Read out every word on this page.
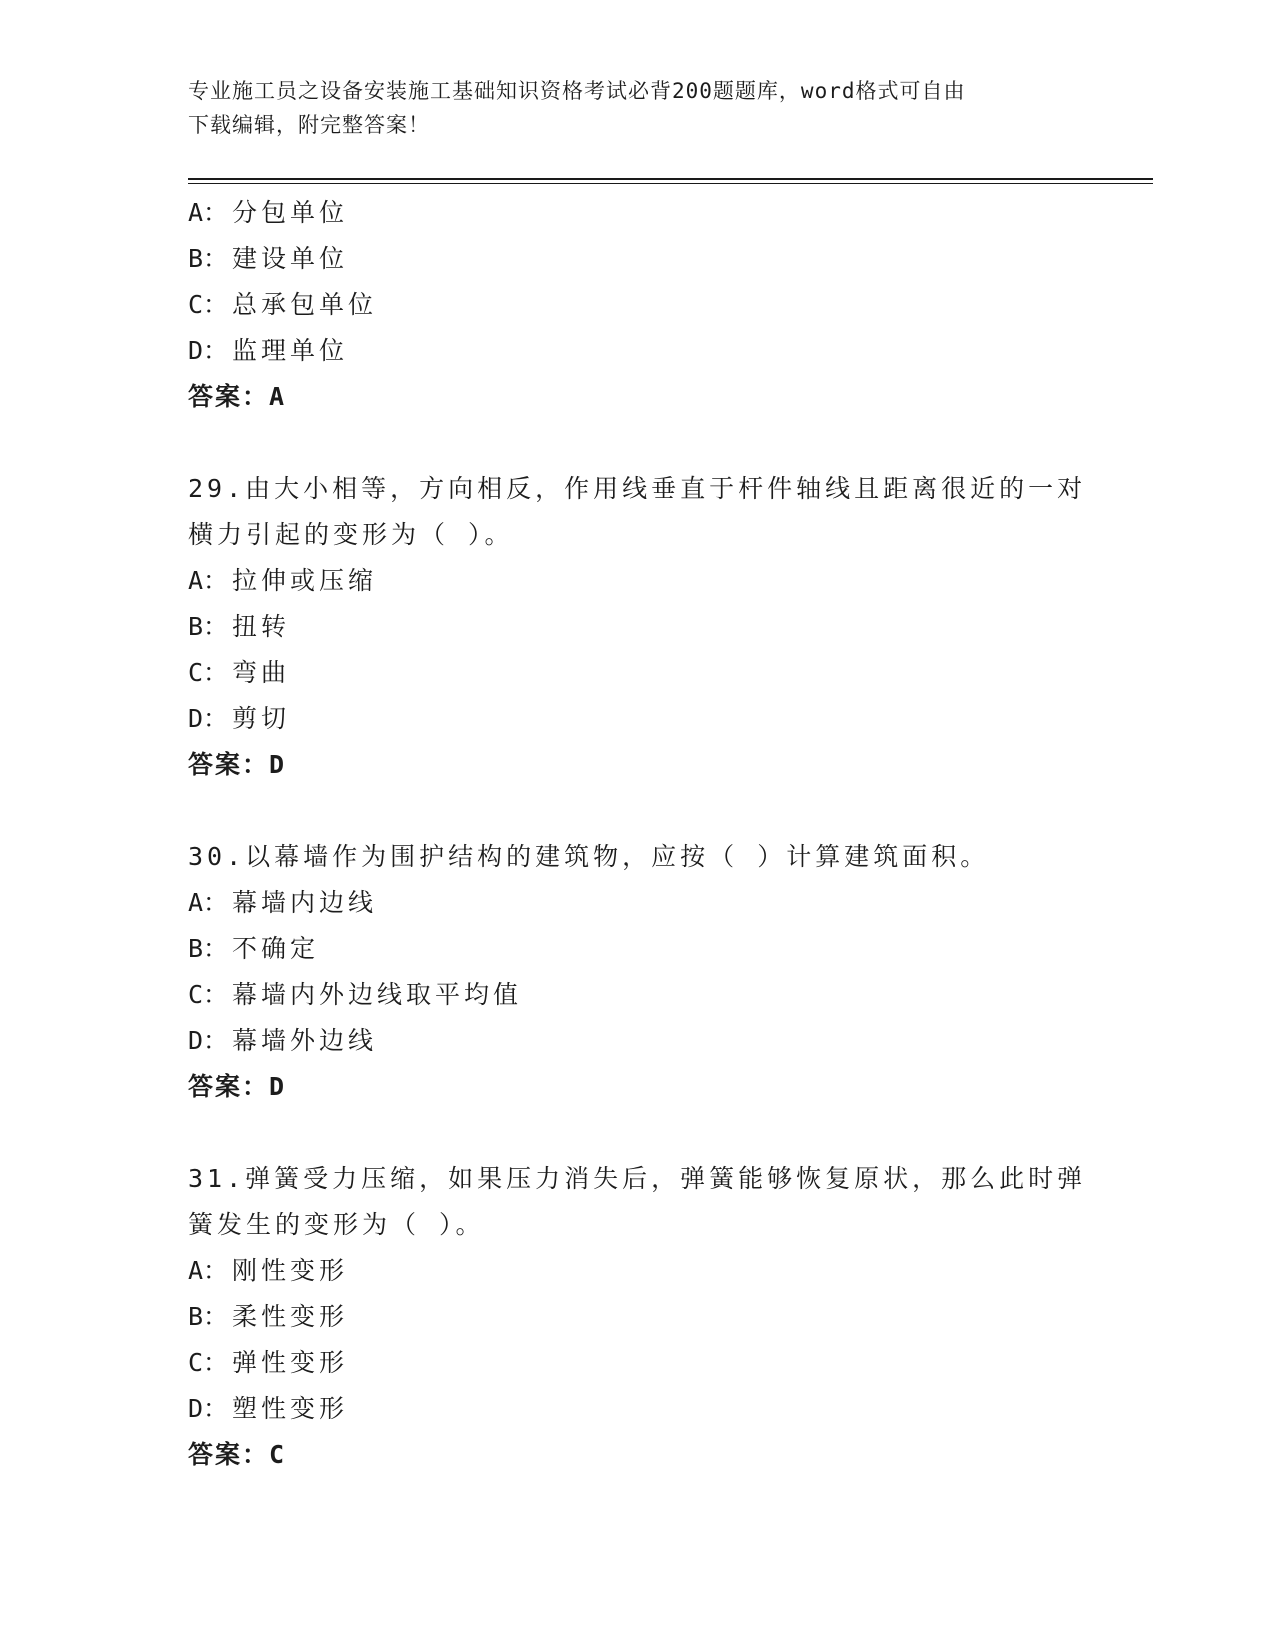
专业施工员之设备安装施工基础知识资格考试必背200题题库，word格式可自由
下载编辑，附完整答案！
A： 分包单位
B： 建设单位
C： 总承包单位
D： 监理单位
答案：A
29.由大小相等，方向相反，作用线垂直于杆件轴线且距离很近的一对
横力引起的变形为（ ）。
A： 拉伸或压缩
B： 扭转
C： 弯曲
D： 剪切
答案：D
30.以幕墙作为围护结构的建筑物，应按（ ）计算建筑面积。
A： 幕墙内边线
B： 不确定
C： 幕墙内外边线取平均值
D： 幕墙外边线
答案：D
31.弹簧受力压缩，如果压力消失后，弹簧能够恢复原状，那么此时弹
簧发生的变形为（ ）。
A： 刚性变形
B： 柔性变形
C： 弹性变形
D： 塑性变形
答案：C
